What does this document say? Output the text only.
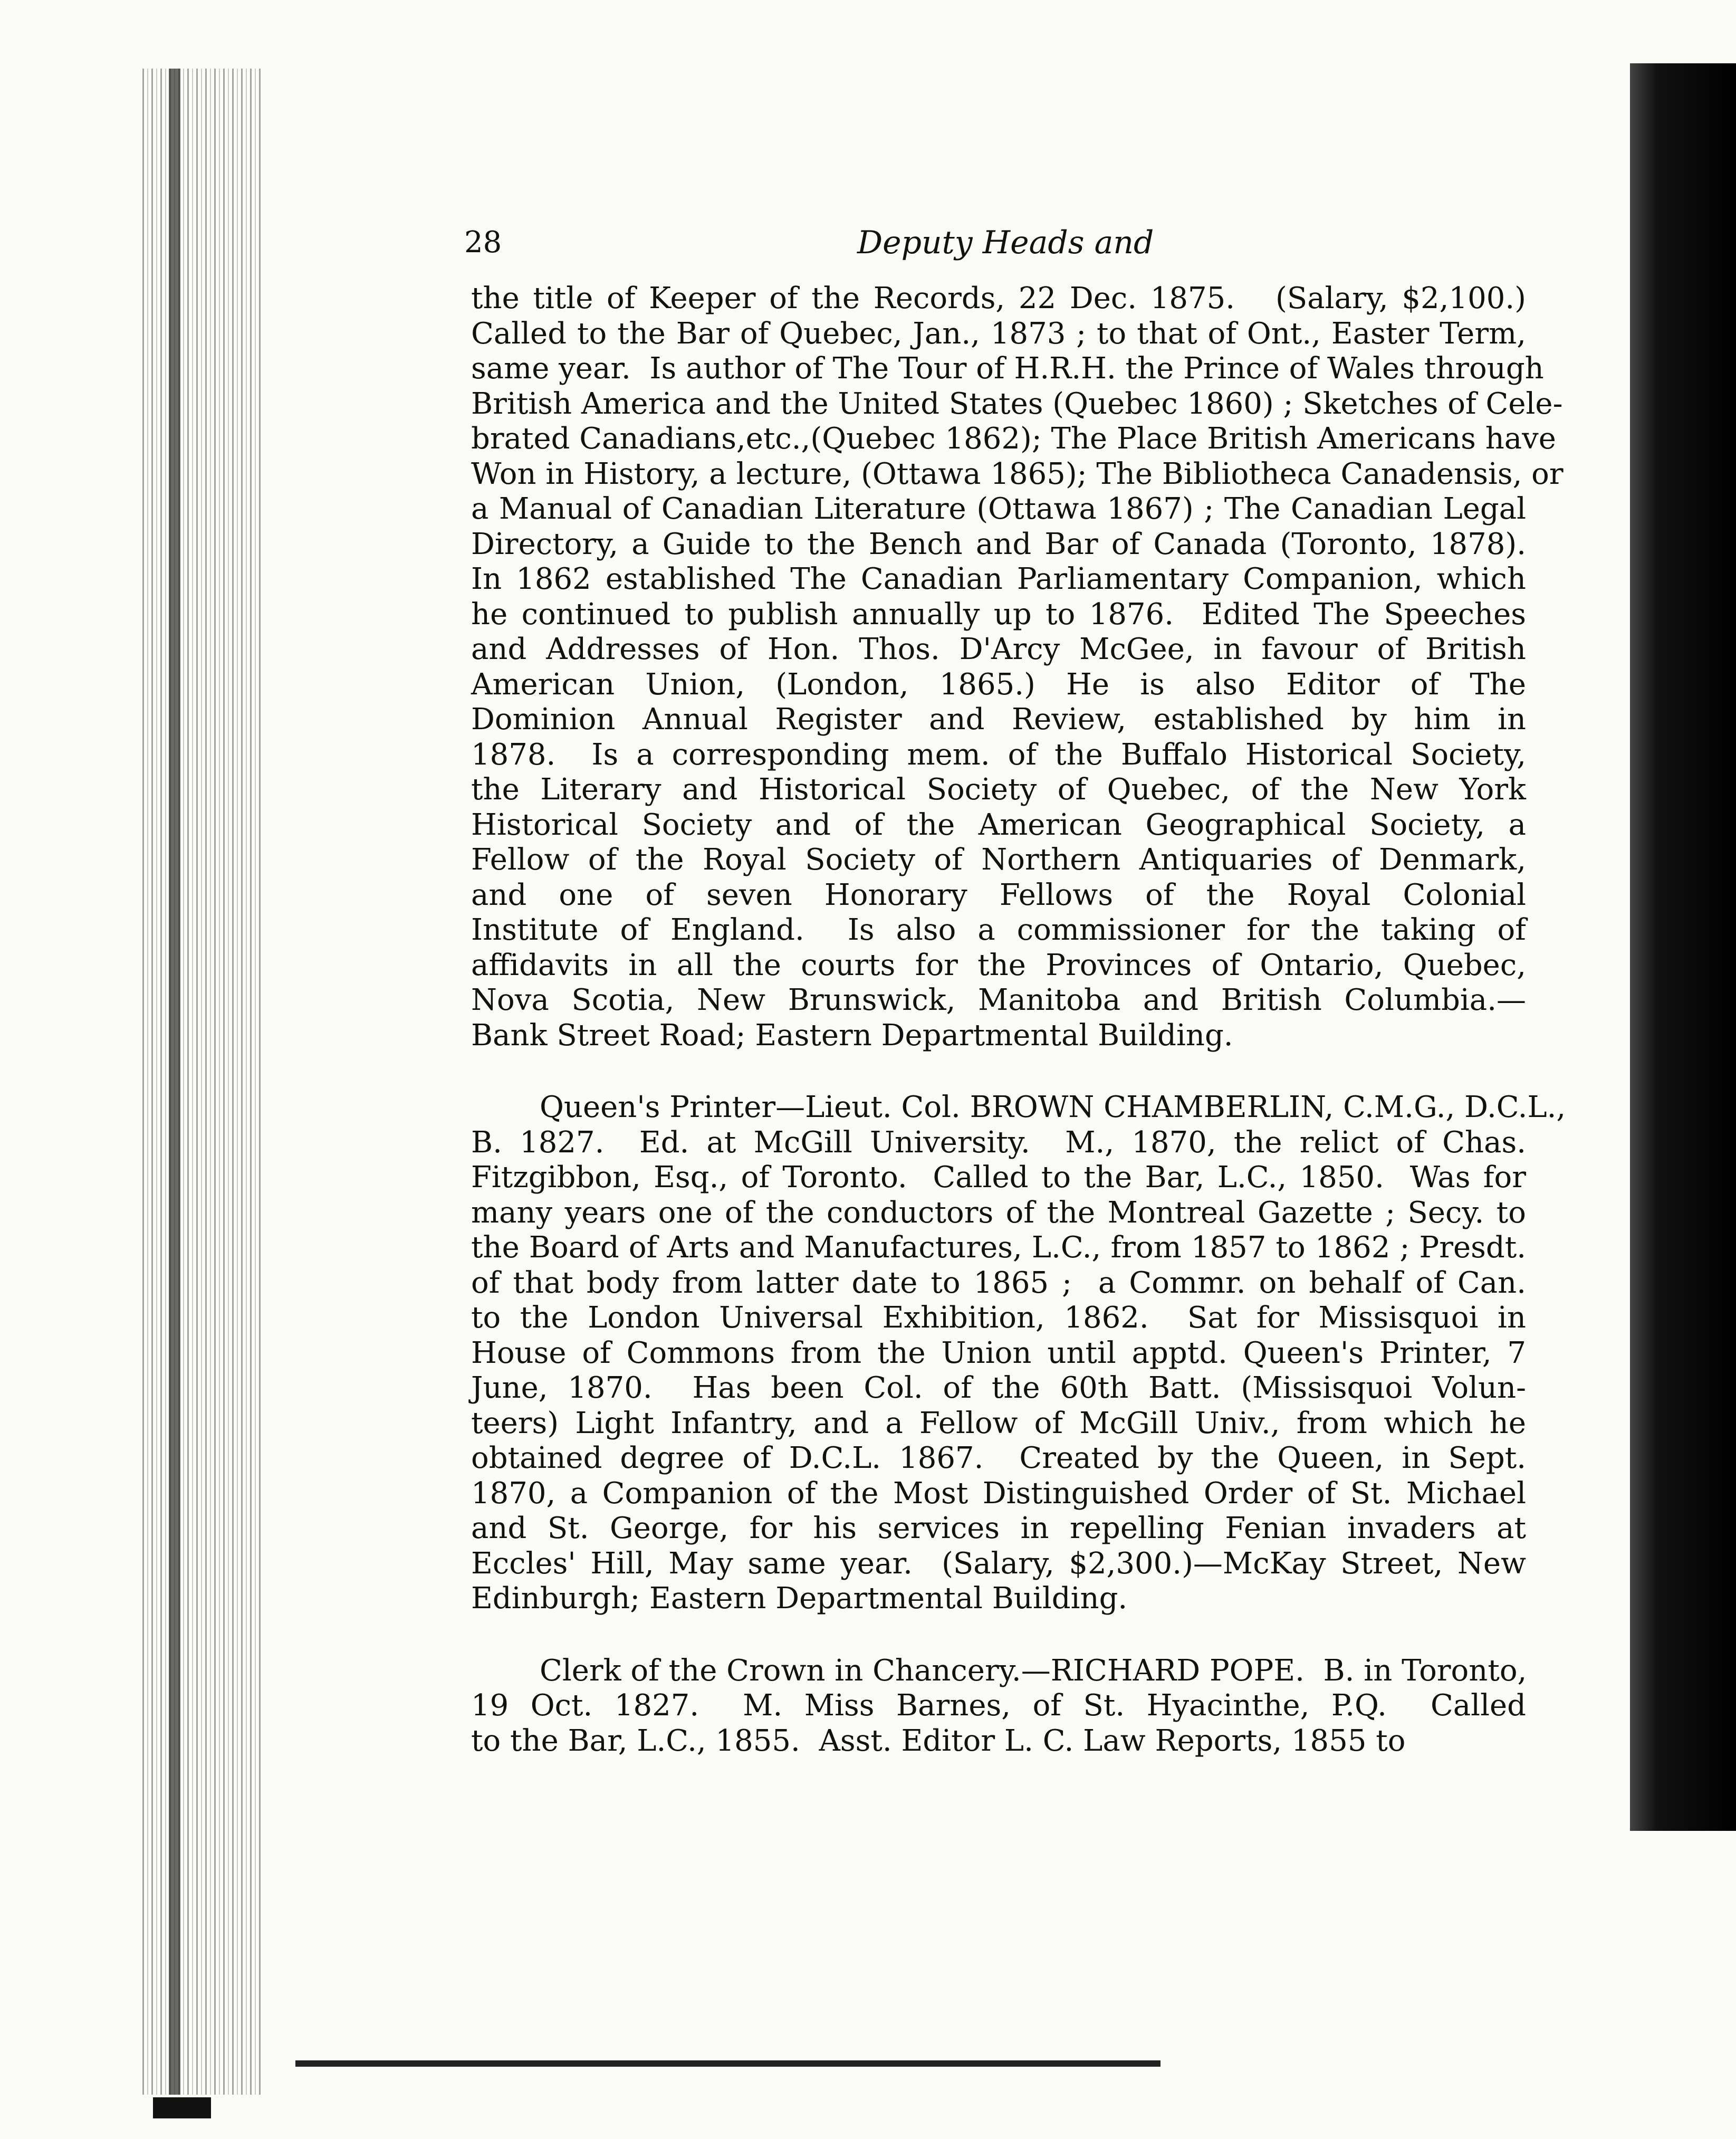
28	Deputy Heads and
the title of Keeper of the Records, 22 Dec. 1875.   (Salary, $2,100.)
Called to the Bar of Quebec, Jan., 1873 ; to that of Ont., Easter Term,
same year.  Is author of The Tour of H.R.H. the Prince of Wales through
British America and the United States (Quebec 1860) ; Sketches of Cele-
brated Canadians,etc.,(Quebec 1862); The Place British Americans have
Won in History, a lecture, (Ottawa 1865); The Bibliotheca Canadensis, or
a Manual of Canadian Literature (Ottawa 1867) ; The Canadian Legal
Directory, a Guide to the Bench and Bar of Canada (Toronto, 1878).
In 1862 established The Canadian Parliamentary Companion, which
he continued to publish annually up to 1876.  Edited The Speeches
and Addresses of Hon. Thos. D'Arcy McGee, in favour of British
American Union, (London, 1865.) He is also Editor of The
Dominion Annual Register and Review, established by him in
1878.  Is a corresponding mem. of the Buffalo Historical Society,
the Literary and Historical Society of Quebec, of the New York
Historical Society and of the American Geographical Society, a
Fellow of the Royal Society of Northern Antiquaries of Denmark,
and one of seven Honorary Fellows of the Royal Colonial
Institute of England.  Is also a commissioner for the taking of
affidavits in all the courts for the Provinces of Ontario, Quebec,
Nova Scotia, New Brunswick, Manitoba and British Columbia.—
Bank Street Road; Eastern Departmental Building.
Queen's Printer—Lieut. Col. BROWN CHAMBERLIN, C.M.G., D.C.L.,
B. 1827.  Ed. at McGill University.  M., 1870, the relict of Chas.
Fitzgibbon, Esq., of Toronto.  Called to the Bar, L.C., 1850.  Was for
many years one of the conductors of the Montreal Gazette ; Secy. to
the Board of Arts and Manufactures, L.C., from 1857 to 1862 ; Presdt.
of that body from latter date to 1865 ;  a Commr. on behalf of Can.
to the London Universal Exhibition, 1862.  Sat for Missisquoi in
House of Commons from the Union until apptd. Queen's Printer, 7
June, 1870.  Has been Col. of the 60th Batt. (Missisquoi Volun-
teers) Light Infantry, and a Fellow of McGill Univ., from which he
obtained degree of D.C.L. 1867.  Created by the Queen, in Sept.
1870, a Companion of the Most Distinguished Order of St. Michael
and St. George, for his services in repelling Fenian invaders at
Eccles' Hill, May same year.  (Salary, $2,300.)—McKay Street, New
Edinburgh; Eastern Departmental Building.
Clerk of the Crown in Chancery.—RICHARD POPE.  B. in Toronto,
19 Oct. 1827.  M. Miss Barnes, of St. Hyacinthe, P.Q.  Called
to the Bar, L.C., 1855.  Asst. Editor L. C. Law Reports, 1855 to
